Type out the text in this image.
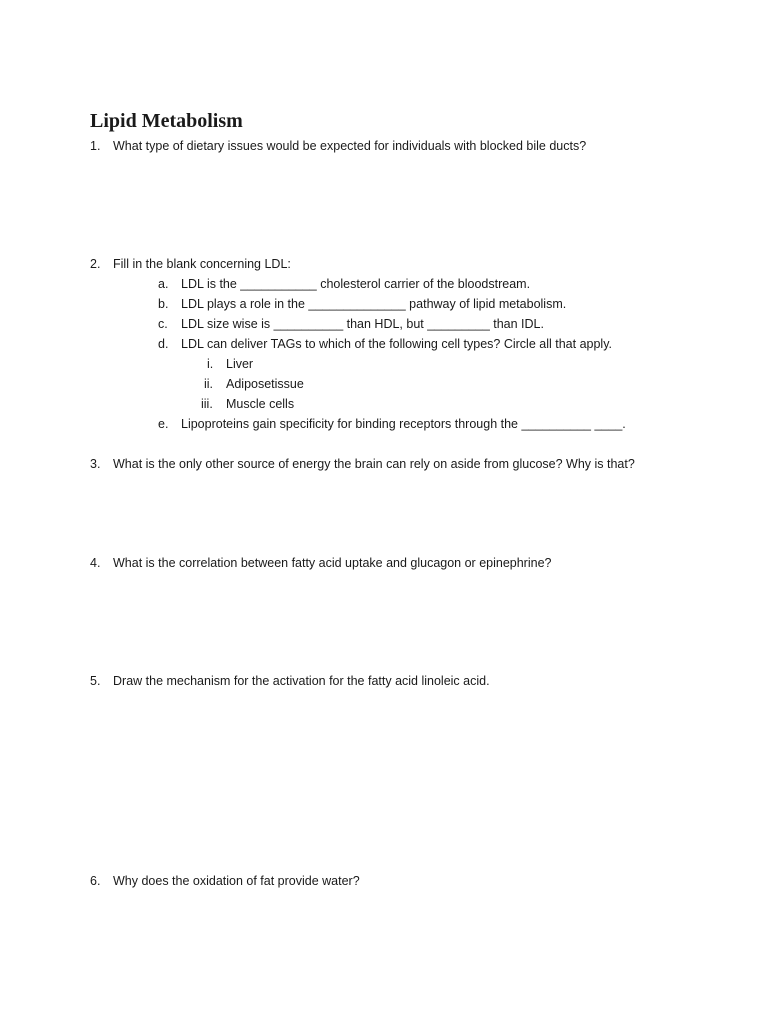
Lipid Metabolism
1. What type of dietary issues would be expected for individuals with blocked bile ducts?
2. Fill in the blank concerning LDL:
a. LDL is the ___________ cholesterol carrier of the bloodstream.
b. LDL plays a role in the ______________ pathway of lipid metabolism.
c. LDL size wise is __________ than HDL, but _________ than IDL.
d. LDL can deliver TAGs to which of the following cell types? Circle all that apply.
i. Liver
ii. Adiposetissue
iii. Muscle cells
e. Lipoproteins gain specificity for binding receptors through the __________ ____.
3. What is the only other source of energy the brain can rely on aside from glucose? Why is that?
4. What is the correlation between fatty acid uptake and glucagon or epinephrine?
5. Draw the mechanism for the activation for the fatty acid linoleic acid.
6. Why does the oxidation of fat provide water?
